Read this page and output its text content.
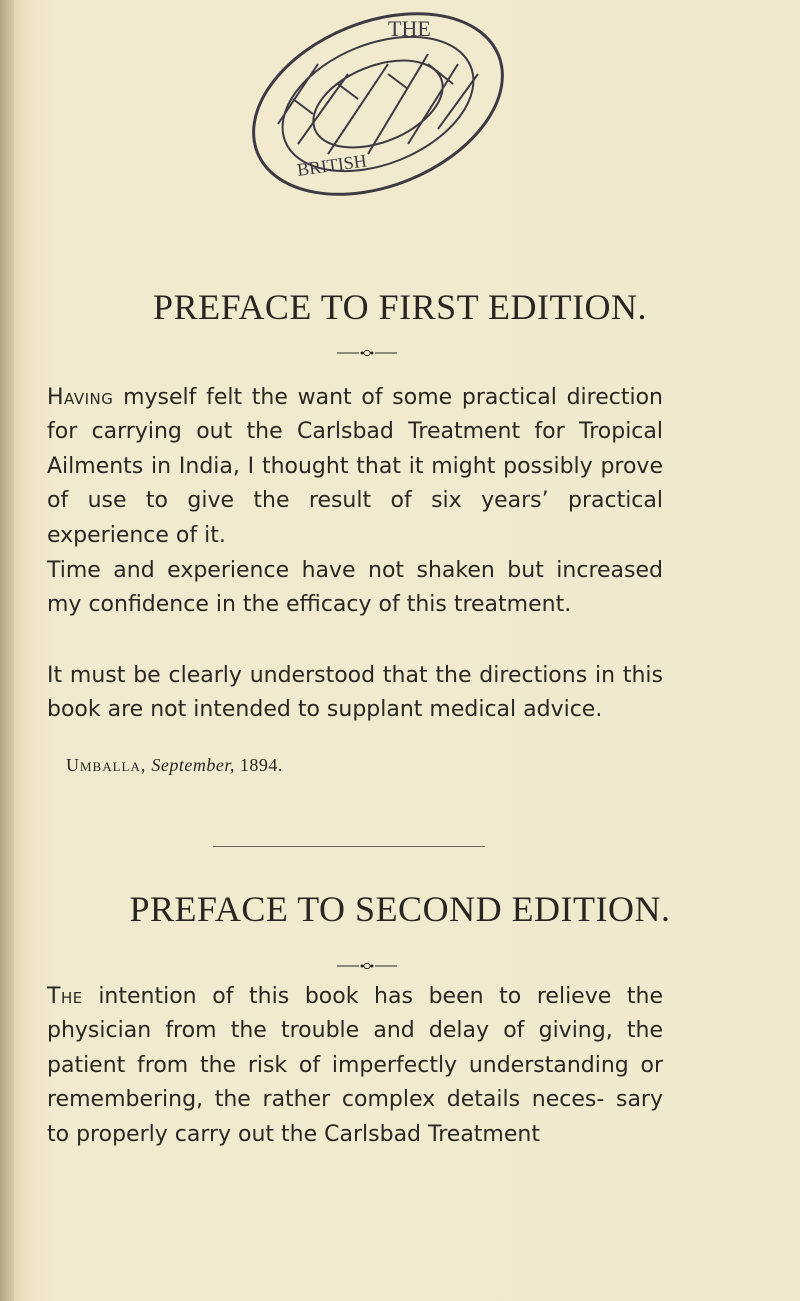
THE
BRITISH
PREFACE TO FIRST EDITION.

Having myself felt the want of some practical direction for carrying out the Carlsbad Treatment for Tropical Ailments in India, I thought that it might possibly prove of use to give the result of six years’ practical experience of it.

Time and experience have not shaken but increased my confidence in the efficacy of this treatment.

It must be clearly understood that the directions in this book are not intended to supplant medical advice.

Umballa, September, 1894.

PREFACE TO SECOND EDITION.

The intention of this book has been to relieve the physician from the trouble and delay of giving, the patient from the risk of imperfectly understanding or remembering, the rather complex details neces- sary to properly carry out the Carlsbad Treatment
